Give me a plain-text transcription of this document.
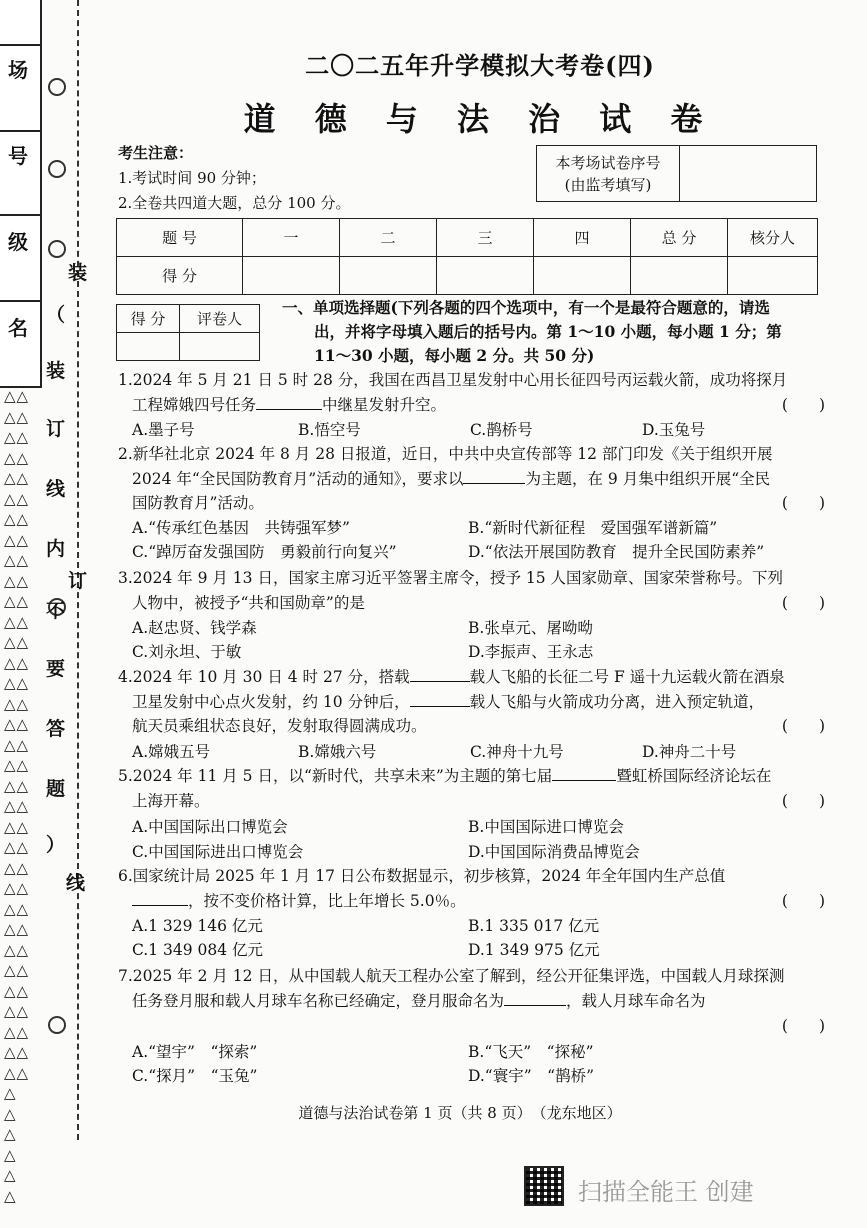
场
号
级
名
装
（
装
订
线
内
订
不
要
答
题
）
线
△△
△△
△△
△△
△△
△△
△△
△△
△△
△△
△△
△△
△△
△△
△△
△△
△△
△△
△△
△△
△△
△△
△△
△△
△△
△△
△△
△△
△△
△△
△△
△△
△△
△△
△
△
△
△
△
△
二〇二五年升学模拟大考卷(四)
道 德 与 法 治 试 卷
考生注意：
1.考试时间 90 分钟；
2.全卷共四道大题，总分 100 分。
本考场试卷序号
(由监考填写)

题 号	一	二	三	四	总 分	核分人
得 分						
得 分	评卷人

一、单项选择题(下列各题的四个选项中，有一个是最符合题意的，请选
出，并将字母填入题后的括号内。第 1～10 小题，每小题 1 分；第
11～30 小题，每小题 2 分。共 50 分)
1.2024 年 5 月 21 日 5 时 28 分，我国在西昌卫星发射中心用长征四号丙运载火箭，成功将探月
工程嫦娥四号任务	中继星发射升空。	(　　)
A.墨子号	B.悟空号	C.鹊桥号	D.玉兔号
2.新华社北京 2024 年 8 月 28 日报道，近日，中共中央宣传部等 12 部门印发《关于组织开展
2024 年“全民国防教育月”活动的通知》，要求以	为主题，在 9 月集中组织开展“全民
国防教育月”活动。	(　　)
A.“传承红色基因　共铸强军梦”	B.“新时代新征程　爱国强军谱新篇”
C.“踔厉奋发强国防　勇毅前行向复兴”	D.“依法开展国防教育　提升全民国防素养”
3.2024 年 9 月 13 日，国家主席习近平签署主席令，授予 15 人国家勋章、国家荣誉称号。下列
人物中，被授予“共和国勋章”的是	(　　)
A.赵忠贤、钱学森	B.张卓元、屠呦呦
C.刘永坦、于敏	D.李振声、王永志
4.2024 年 10 月 30 日 4 时 27 分，搭载	载人飞船的长征二号 F 遥十九运载火箭在酒泉
卫星发射中心点火发射，约 10 分钟后，	载人飞船与火箭成功分离，进入预定轨道，
航天员乘组状态良好，发射取得圆满成功。	(　　)
A.嫦娥五号	B.嫦娥六号	C.神舟十九号	D.神舟二十号
5.2024 年 11 月 5 日，以“新时代，共享未来”为主题的第七届	暨虹桥国际经济论坛在
上海开幕。	(　　)
A.中国国际出口博览会	B.中国国际进口博览会
C.中国国际进出口博览会	D.中国国际消费品博览会
6.国家统计局 2025 年 1 月 17 日公布数据显示，初步核算，2024 年全年国内生产总值
，按不变价格计算，比上年增长 5.0％。	(　　)
A.1 329 146 亿元	B.1 335 017 亿元
C.1 349 084 亿元	D.1 349 975 亿元
7.2025 年 2 月 12 日，从中国载人航天工程办公室了解到，经公开征集评选，中国载人月球探测
任务登月服和载人月球车名称已经确定，登月服命名为	，载人月球车命名为
(　　)
A.“望宇”　“探索”	B.“飞天”　“探秘”
C.“探月”　“玉兔”	D.“寰宇”　“鹊桥”
道德与法治试卷第 1 页（共 8 页）　（龙东地区）
扫描全能王 创建
